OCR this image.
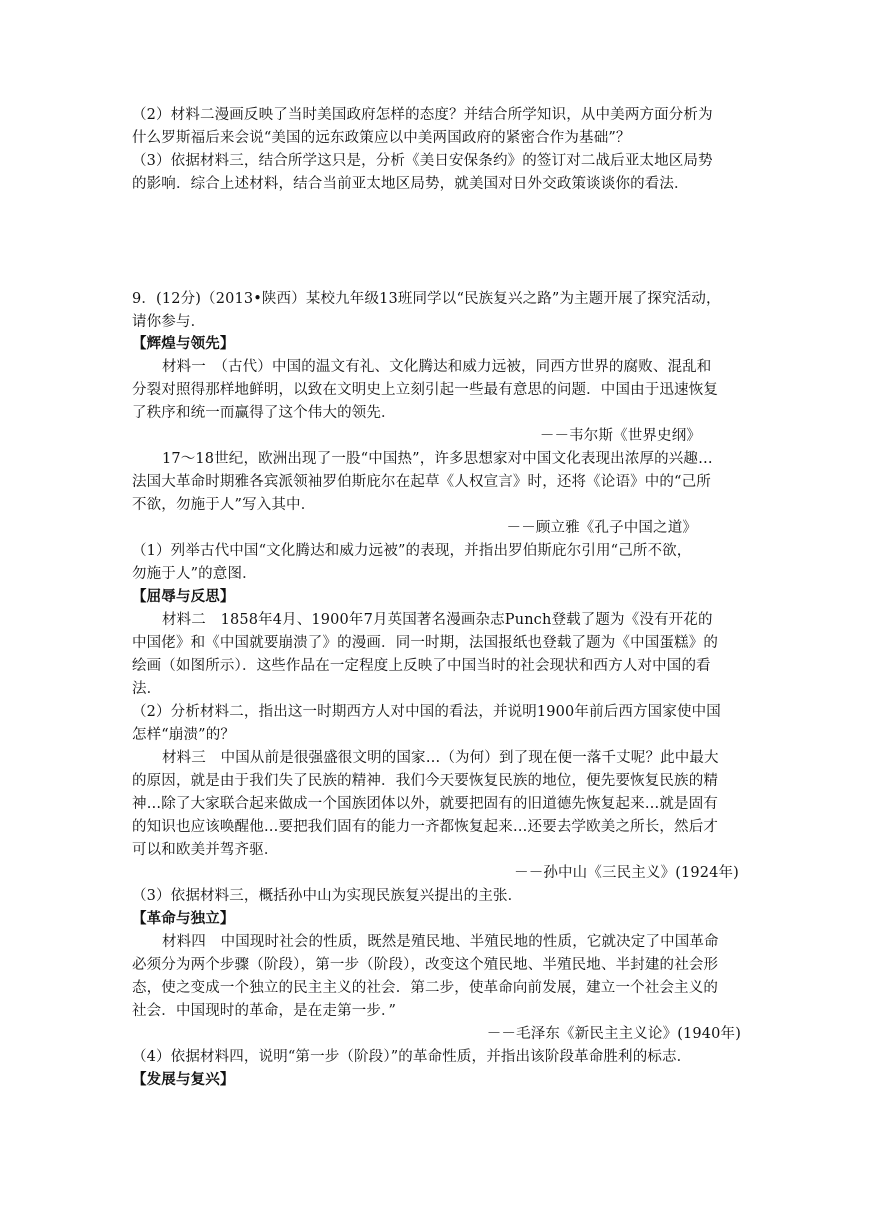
（2）材料二漫画反映了当时美国政府怎样的态度？并结合所学知识，从中美两方面分析为
什么罗斯福后来会说“美国的远东政策应以中美两国政府的紧密合作为基础”？
（3）依据材料三，结合所学这只是，分析《美日安保条约》的签订对二战后亚太地区局势
的影响．综合上述材料，结合当前亚太地区局势，就美国对日外交政策谈谈你的看法．
9．(12分)（2013•陕西）某校九年级13班同学以“民族复兴之路”为主题开展了探究活动，
请你参与．
【辉煌与领先】
材料一　（古代）中国的温文有礼、文化腾达和威力远被，同西方世界的腐败、混乱和
分裂对照得那样地鲜明，以致在文明史上立刻引起一些最有意思的问题．中国由于迅速恢复
了秩序和统一而赢得了这个伟大的领先．
－－韦尔斯《世界史纲》
17～18世纪，欧洲出现了一股“中国热”，许多思想家对中国文化表现出浓厚的兴趣…
法国大革命时期雅各宾派领袖罗伯斯庇尔在起草《人权宣言》时，还将《论语》中的“己所
不欲，勿施于人”写入其中．
－－顾立雅《孔子中国之道》
（1）列举古代中国“文化腾达和威力远被”的表现，并指出罗伯斯庇尔引用“己所不欲，
勿施于人”的意图．
【屈辱与反思】
材料二　1858年4月、1900年7月英国著名漫画杂志Punch登载了题为《没有开花的
中国佬》和《中国就要崩溃了》的漫画．同一时期，法国报纸也登载了题为《中国蛋糕》的
绘画（如图所示）．这些作品在一定程度上反映了中国当时的社会现状和西方人对中国的看
法．
（2）分析材料二，指出这一时期西方人对中国的看法，并说明1900年前后西方国家使中国
怎样“崩溃”的？
材料三　中国从前是很强盛很文明的国家…（为何）到了现在便一落千丈呢？此中最大
的原因，就是由于我们失了民族的精神．我们今天要恢复民族的地位，便先要恢复民族的精
神…除了大家联合起来做成一个国族团体以外，就要把固有的旧道德先恢复起来…就是固有
的知识也应该唤醒他…要把我们固有的能力一齐都恢复起来…还要去学欧美之所长，然后才
可以和欧美并驾齐驱．
－－孙中山《三民主义》(1924年)
（3）依据材料三，概括孙中山为实现民族复兴提出的主张．
【革命与独立】
材料四　中国现时社会的性质，既然是殖民地、半殖民地的性质，它就决定了中国革命
必须分为两个步骤（阶段），第一步（阶段），改变这个殖民地、半殖民地、半封建的社会形
态，使之变成一个独立的民主主义的社会．第二步，使革命向前发展，建立一个社会主义的
社会．中国现时的革命，是在走第一步．”
－－毛泽东《新民主主义论》(1940年)
（4）依据材料四，说明“第一步（阶段）”的革命性质，并指出该阶段革命胜利的标志．
【发展与复兴】
